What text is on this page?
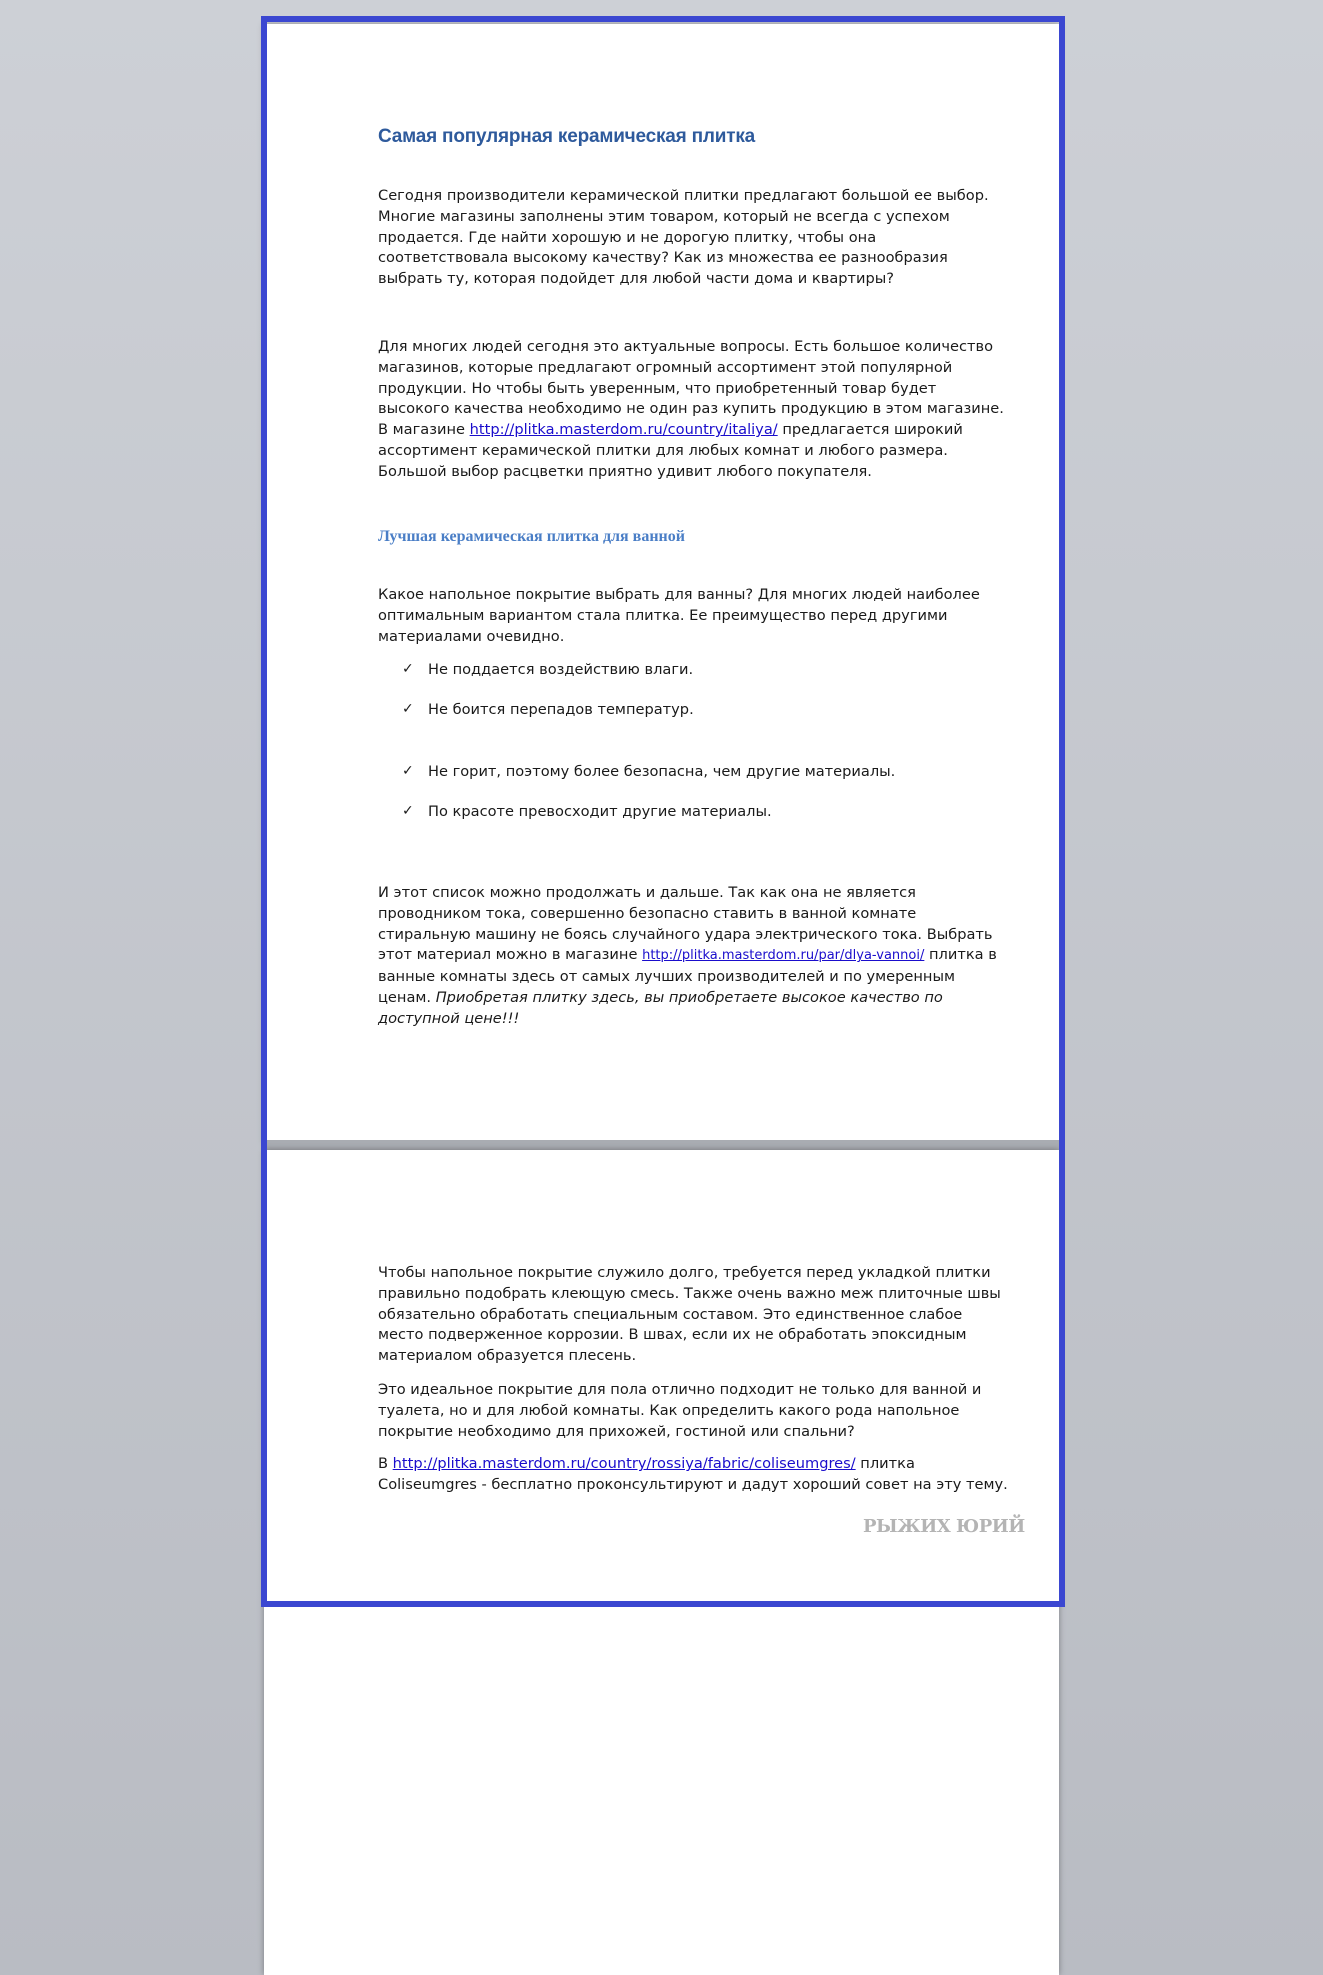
Самая популярная керамическая плитка

Сегодня производители керамической плитки предлагают большой ее выбор. Многие магазины заполнены этим товаром, который не всегда с успехом продается. Где найти хорошую и не дорогую плитку, чтобы она соответствовала высокому качеству? Как из множества ее разнообразия выбрать ту, которая подойдет для любой части дома и квартиры?

Для многих людей сегодня это актуальные вопросы. Есть большое количество магазинов, которые предлагают огромный ассортимент этой популярной продукции. Но чтобы быть уверенным, что приобретенный товар будет высокого качества необходимо не один раз купить продукцию в этом магазине. В магазине http://plitka.masterdom.ru/country/italiya/ предлагается широкий ассортимент керамической плитки для любых комнат и любого размера. Большой выбор расцветки приятно удивит любого покупателя.

Лучшая керамическая плитка для ванной

Какое напольное покрытие выбрать для ванны? Для многих людей наиболее оптимальным вариантом стала плитка. Ее преимущество перед другими материалами очевидно.

✓ Не поддается воздействию влаги.
✓ Не боится перепадов температур.
✓ Не горит, поэтому более безопасна, чем другие материалы.
✓ По красоте превосходит другие материалы.

И этот список можно продолжать и дальше. Так как она не является проводником тока, совершенно безопасно ставить в ванной комнате стиральную машину не боясь случайного удара электрического тока. Выбрать этот материал можно в магазине http://plitka.masterdom.ru/par/dlya-vannoi/ плитка в ванные комнаты здесь от самых лучших производителей и по умеренным ценам. Приобретая плитку здесь, вы приобретаете высокое качество по доступной цене!!!

Чтобы напольное покрытие служило долго, требуется перед укладкой плитки правильно подобрать клеющую смесь. Также очень важно меж плиточные швы обязательно обработать специальным составом. Это единственное слабое место подверженное коррозии. В швах, если их не обработать эпоксидным материалом образуется плесень.

Это идеальное покрытие для пола отлично подходит не только для ванной и туалета, но и для любой комнаты. Как определить какого рода напольное покрытие необходимо для прихожей, гостиной или спальни?

В http://plitka.masterdom.ru/country/rossiya/fabric/coliseumgres/ плитка Coliseumgres - бесплатно проконсультируют и дадут хороший совет на эту тему.

РЫЖИХ ЮРИЙ
